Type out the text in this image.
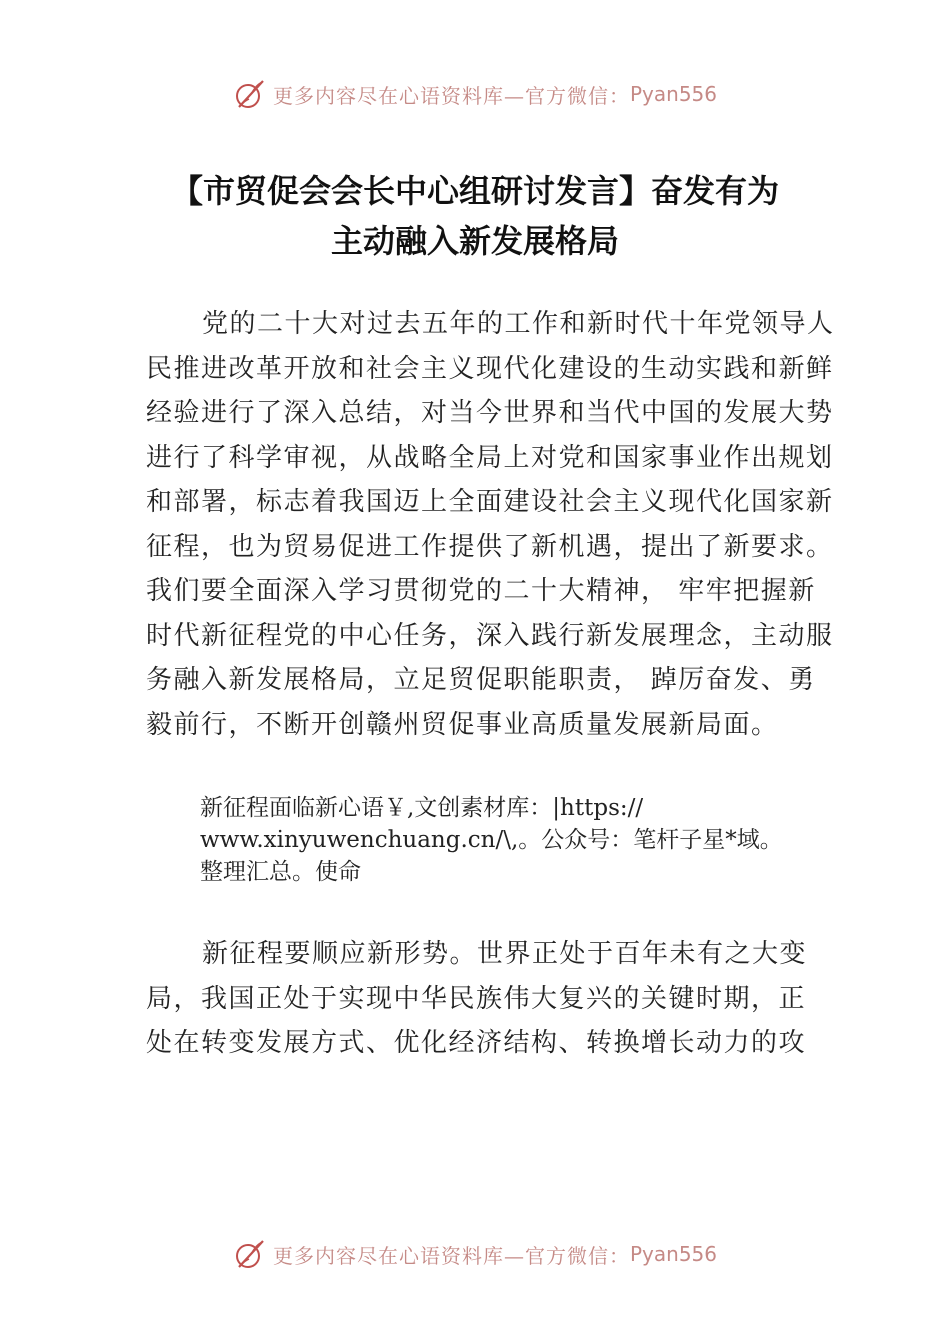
更多内容尽在心语资料库—官方微信： Pyan556
【市贸促会会长中心组研讨发言】奋发有为
主动融入新发展格局
党的二十大对过去五年的工作和新时代十年党领导人
民推进改革开放和社会主义现代化建设的生动实践和新鲜
经验进行了深入总结，对当今世界和当代中国的发展大势
进行了科学审视，从战略全局上对党和国家事业作出规划
和部署，标志着我国迈上全面建设社会主义现代化国家新
征程，也为贸易促进工作提供了新机遇，提出了新要求。
我们要全面深入学习贯彻党的二十大精神， 牢牢把握新
时代新征程党的中心任务，深入践行新发展理念，主动服
务融入新发展格局，立足贸促职能职责， 踔厉奋发、勇
毅前行，不断开创赣州贸促事业高质量发展新局面。
新征程面临新心语￥,文创素材库：|https://
www.xinyuwenchuang.cn/\,。公众号：笔杆子星*域。
整理汇总。使命
新征程要顺应新形势。世界正处于百年未有之大变
局，我国正处于实现中华民族伟大复兴的关键时期，正
处在转变发展方式、优化经济结构、转换增长动力的攻
更多内容尽在心语资料库—官方微信： Pyan556
